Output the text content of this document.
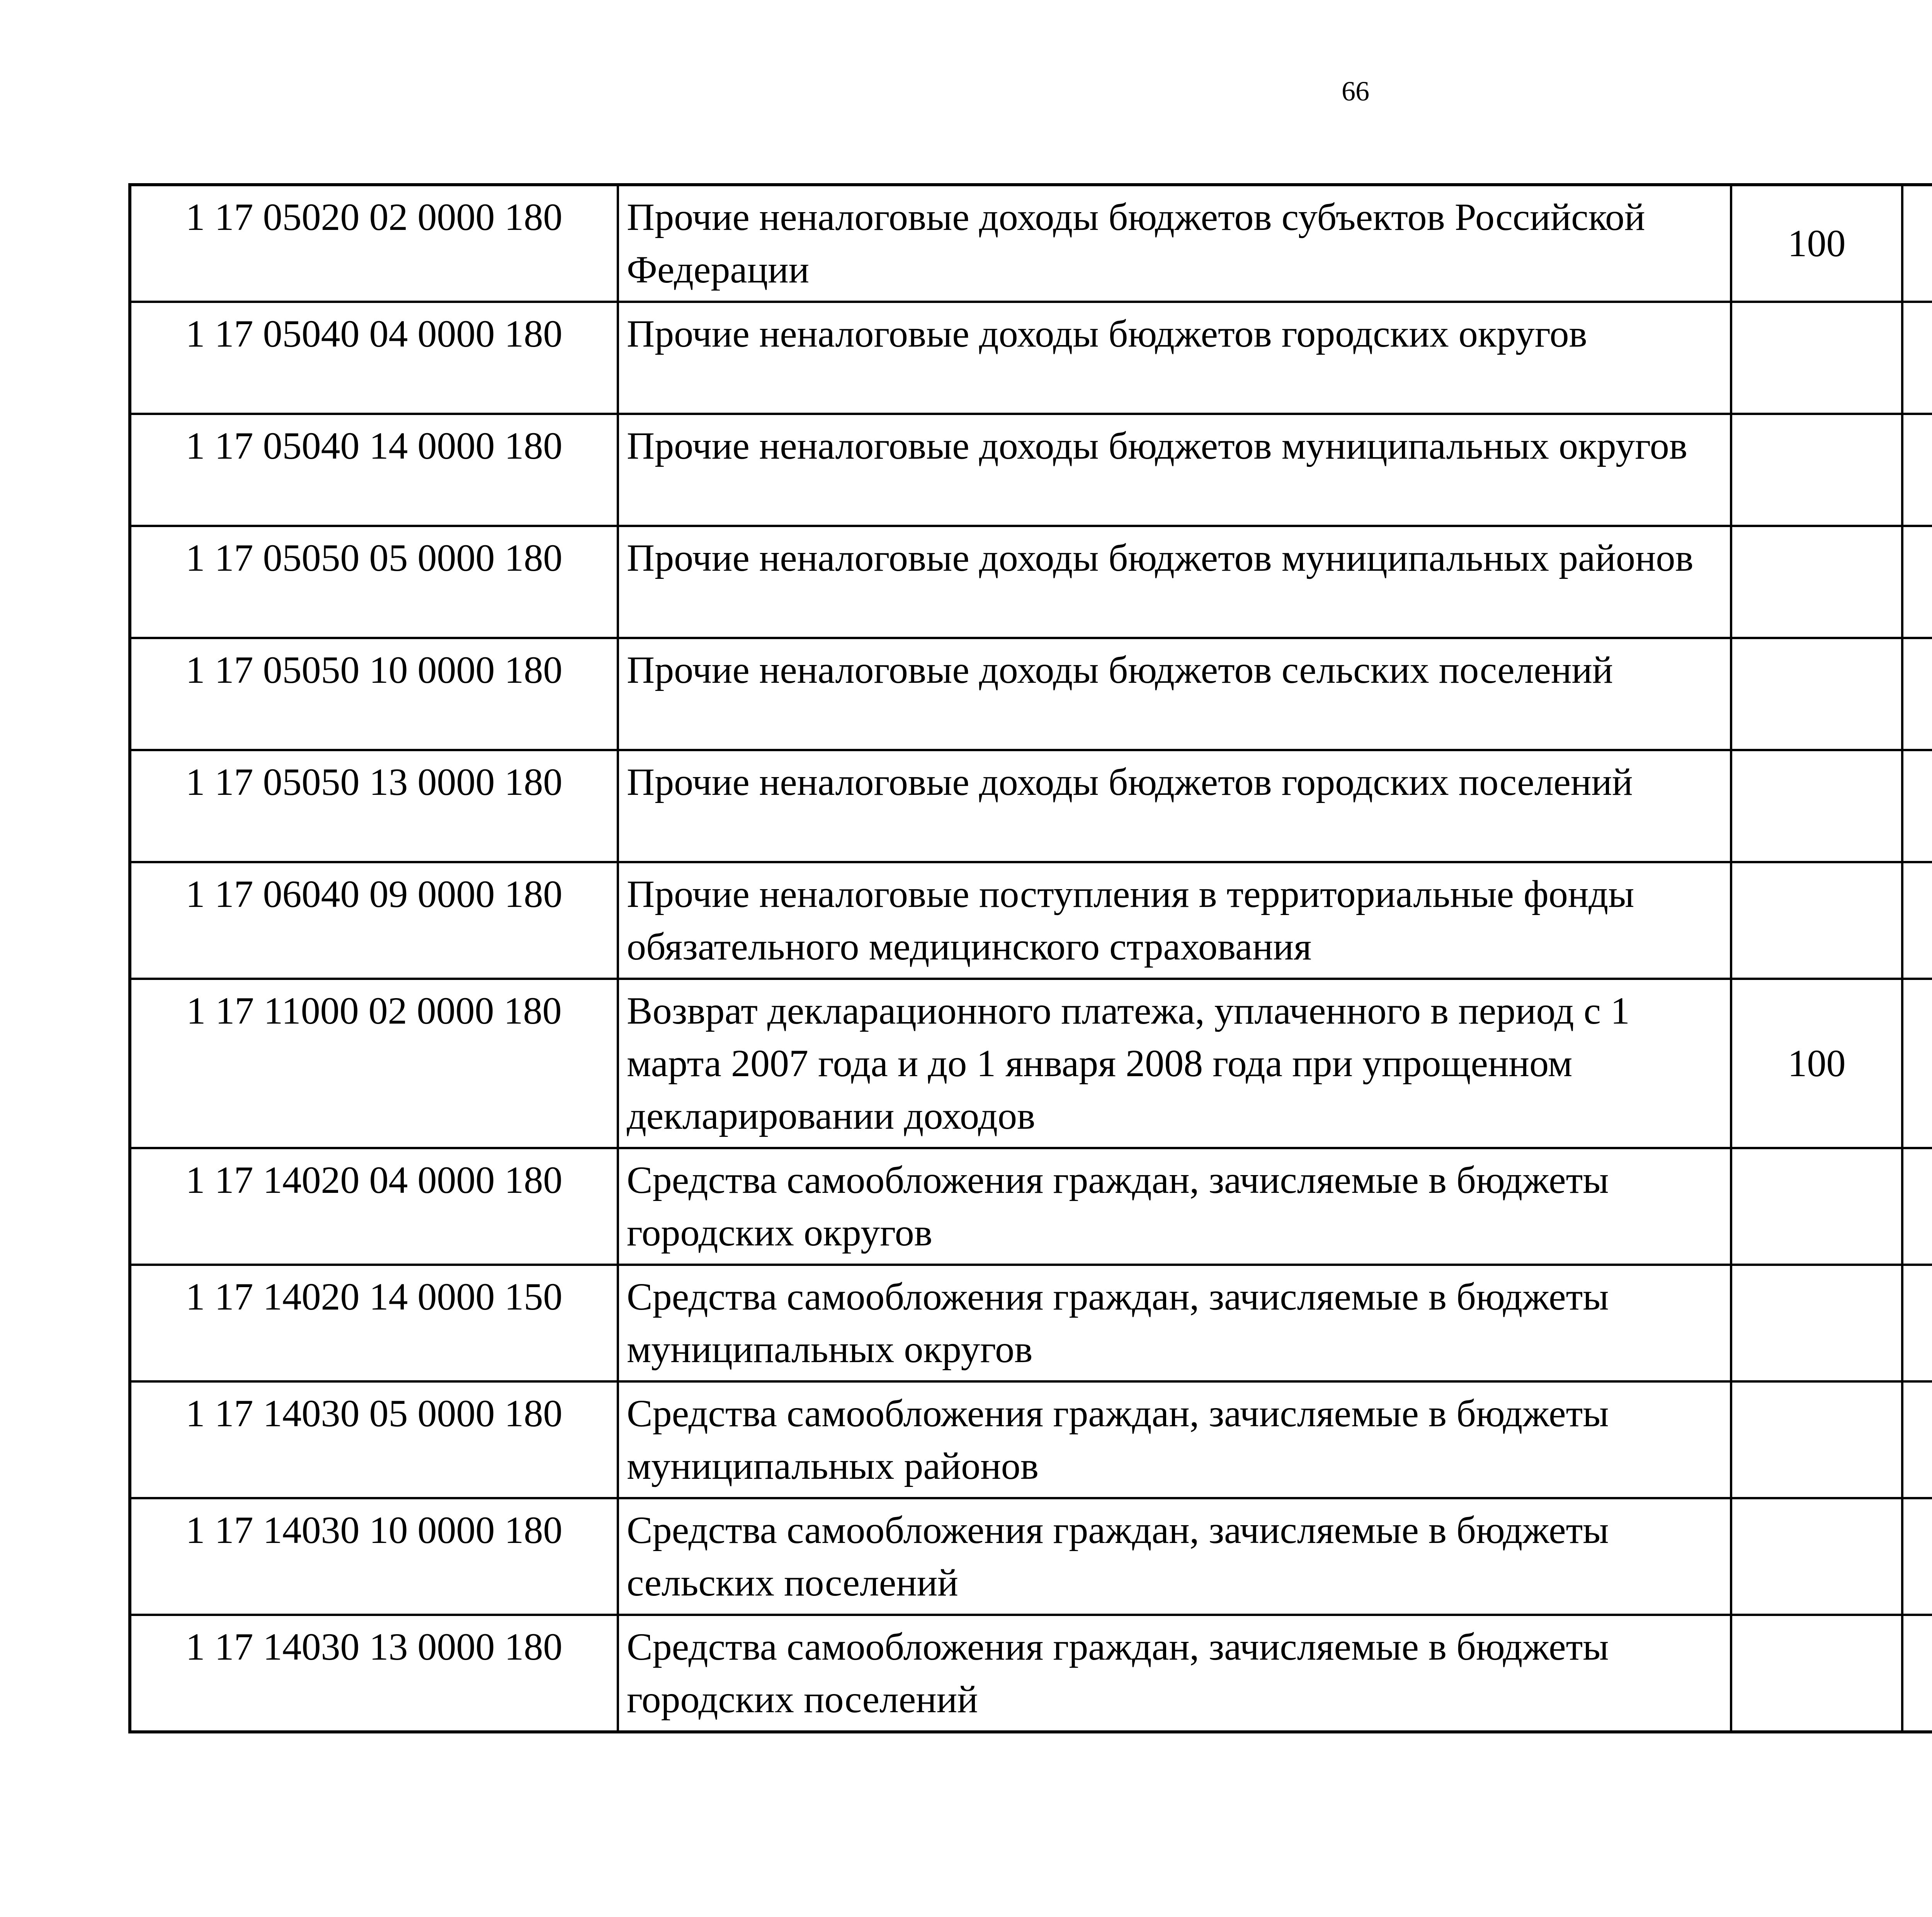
66
1 17 05020 02 0000 180	Прочие неналоговые доходы бюджетов субъектов Российской Федерации	100				
1 17 05040 04 0000 180	Прочие неналоговые доходы бюджетов городских округов					
1 17 05040 14 0000 180	Прочие неналоговые доходы бюджетов муниципальных округов					
1 17 05050 05 0000 180	Прочие неналоговые доходы бюджетов муниципальных районов					
1 17 05050 10 0000 180	Прочие неналоговые доходы бюджетов сельских поселений					
1 17 05050 13 0000 180	Прочие неналоговые доходы бюджетов городских поселений					
1 17 06040 09 0000 180	Прочие неналоговые поступления в территориальные фонды обязательного медицинского страхования					
1 17 11000 02 0000 180	Возврат декларационного платежа, уплаченного в период с 1 марта 2007 года и до 1 января 2008 года при упрощенном декларировании доходов	100				
1 17 14020 04 0000 180	Средства самообложения граждан, зачисляемые в бюджеты городских округов					
1 17 14020 14 0000 150	Средства самообложения граждан, зачисляемые в бюджеты муниципальных округов					
1 17 14030 05 0000 180	Средства самообложения граждан, зачисляемые в бюджеты муниципальных районов					
1 17 14030 10 0000 180	Средства самообложения граждан, зачисляемые в бюджеты сельских поселений					
1 17 14030 13 0000 180	Средства самообложения граждан, зачисляемые в бюджеты городских поселений					
